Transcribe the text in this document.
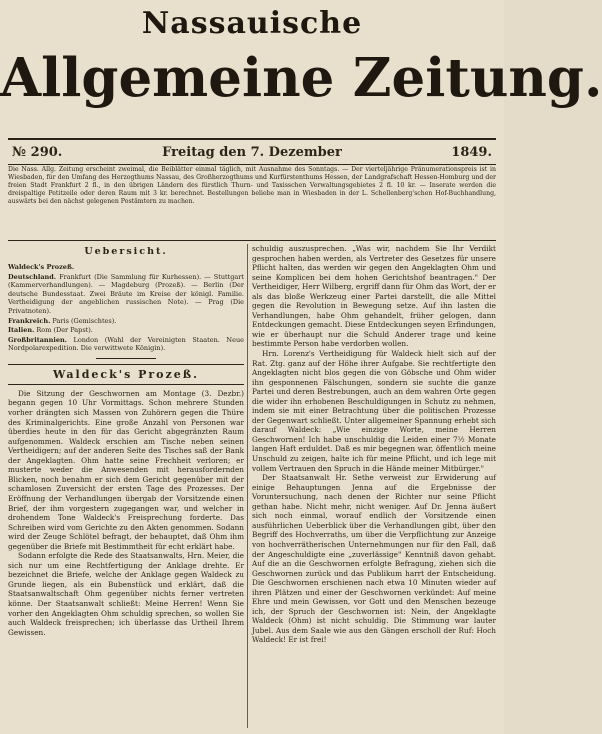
Nassauische
Allgemeine Zeitung.
№ 290.	Freitag den 7. Dezember	1849.
Die Nass. Allg. Zeitung erscheint zweimal, die Beiblätter einmal täglich, mit Ausnahme des Sonntags. — Der vierteljährige Pränumerationspreis ist in Wiesbaden, für den Umfang des Herzogthums Nassau, des Großherzogthums und Kurfürstenthums Hessen, der Landgrafschaft Hessen-Homburg und der freien Stadt Frankfurt 2 fl., in den übrigen Ländern des fürstlich Thurn- und Taxisschen Verwaltungsgebietes 2 fl. 10 kr. — Inserate werden die dreispaltige Petitzeile oder deren Raum mit 3 kr. berechnet. Bestellungen beliebe man in Wiesbaden in der L. Schellenberg'schen Hof-Buchhandlung, auswärts bei den nächst gelegenen Postämtern zu machen.
Uebersicht.
Waldeck's Prozeß.
Deutschland. Frankfurt (Die Sammlung für Kurhessen). — Stuttgart (Kammerverhandlungen). — Magdeburg (Prozeß). — Berlin (Der deutsche Bundesstaat. Zwei Bräute im Kreise der königl. Familie. Vertheidigung der angeblichen russischen Note). — Prag (Die Privatnoten).
Frankreich. Paris (Gemischtes).
Italien. Rom (Der Papst).
Großbritannien. London (Wahl der Vereinigten Staaten. Neue Nordpolarexpedition. Die verwittwete Königin).
Waldeck's Prozeß.

Die Sitzung der Geschwornen am Montage (3. Dezbr.) begann gegen 10 Uhr Vormittags. Schon mehrere Stunden vorher drängten sich Massen von Zuhörern gegen die Thüre des Kriminalgerichts. Eine große Anzahl von Personen war überdies heute in den für das Gericht abgegränzten Raum aufgenommen. Waldeck erschien am Tische neben seinen Vertheidigern; auf der anderen Seite des Tisches saß der Bank der Angeklagten. Ohm hatte seine Frechheit verloren; er musterte weder die Anwesenden mit herausfordernden Blicken, noch benahm er sich dem Gericht gegenüber mit der schamlosen Zuversicht der ersten Tage des Prozesses. Der Eröffnung der Verhandlungen übergab der Vorsitzende einen Brief, der ihm vorgestern zugegangen war, und welcher in drohendem Tone Waldeck's Freisprechung forderte. Das Schreiben wird vom Gerichte zu den Akten genommen. Sodann wird der Zeuge Schlötel befragt, der behauptet, daß Ohm ihm gegenüber die Briefe mit Bestimmtheit für echt erklärt habe.

Sodann erfolgte die Rede des Staatsanwalts, Hrn. Meier, die sich nur um eine Rechtfertigung der Anklage drehte. Er bezeichnet die Briefe, welche der Anklage gegen Waldeck zu Grunde liegen, als ein Bubenstück und erklärt, daß die Staatsanwaltschaft Ohm gegenüber nichts ferner vertreten könne. Der Staatsanwalt schließt: Meine Herren! Wenn Sie vorher den Angeklagten Ohm schuldig sprechen, so wollen Sie auch Waldeck freisprechen; ich überlasse das Urtheil Ihrem Gewissen.

schuldig auszusprechen. „Was wir, nachdem Sie Ihr Verdikt gesprochen haben werden, als Vertreter des Gesetzes für unsere Pflicht halten, das werden wir gegen den Angeklagten Ohm und seine Komplicen bei dem hohen Gerichtshof beantragen." Der Vertheidiger, Herr Wilberg, ergriff dann für Ohm das Wort, der er als das bloße Werkzeug einer Partei darstellt, die alle Mittel gegen die Revolution in Bewegung setze. Auf ihn lasten die Verhandlungen, habe Ohm gehandelt, früher gelogen, dann Entdeckungen gemacht. Diese Entdeckungen seyen Erfindungen, wie er überhaupt nur die Schuld Anderer trage und keine bestimmte Person habe verdorben wollen.

Hrn. Lorenz's Vertheidigung für Waldeck hielt sich auf der Rat. Ztg. ganz auf der Höhe ihrer Aufgabe. Sie rechtfertigte den Angeklagten nicht blos gegen die von Göbsche und Ohm wider ihn gesponnenen Fälschungen, sondern sie suchte die ganze Partei und deren Bestrebungen, auch an dem wahren Orte gegen die wider ihn erhobenen Beschuldigungen in Schutz zu nehmen, indem sie mit einer Betrachtung über die politischen Prozesse der Gegenwart schließt. Unter allgemeiner Spannung erhebt sich darauf Waldeck: „Wie einzige Worte, meine Herren Geschwornen! Ich habe unschuldig die Leiden einer 7½ Monate langen Haft erduldet. Daß es mir begegnen war, öffentlich meine Unschuld zu zeigen, halte ich für meine Pflicht, und ich lege mit vollem Vertrauen den Spruch in die Hände meiner Mitbürger."

Der Staatsanwalt Hr. Sethe verweist zur Erwiderung auf einige Behauptungen Jenna auf die Ergebnisse der Voruntersuchung, nach denen der Richter nur seine Pflicht gethan habe. Nicht mehr, nicht weniger. Auf Dr. Jenna äußert sich noch einmal, worauf endlich der Vorsitzende einen ausführlichen Ueberblick über die Verhandlungen gibt, über den Begriff des Hochverraths, um über die Verpflichtung zur Anzeige von hochverrätherischen Unternehmungen nur für den Fall, daß der Angeschuldigte eine „zuverlässige" Kenntniß davon gehabt. Auf die an die Geschwornen erfolgte Befragung, ziehen sich die Geschwornen zurück und das Publikum harrt der Entscheidung. Die Geschwornen erschienen nach etwa 10 Minuten wieder auf ihren Plätzen und einer der Geschwornen verkündet: Auf meine Ehre und mein Gewissen, vor Gott und den Menschen bezeuge ich, der Spruch der Geschwornen ist: Nein, der Angeklagte Waldeck (Ohm) ist nicht schuldig. Die Stimmung war lauter Jubel. Aus dem Saale wie aus den Gängen erscholl der Ruf: Hoch Waldeck! Er ist frei!
